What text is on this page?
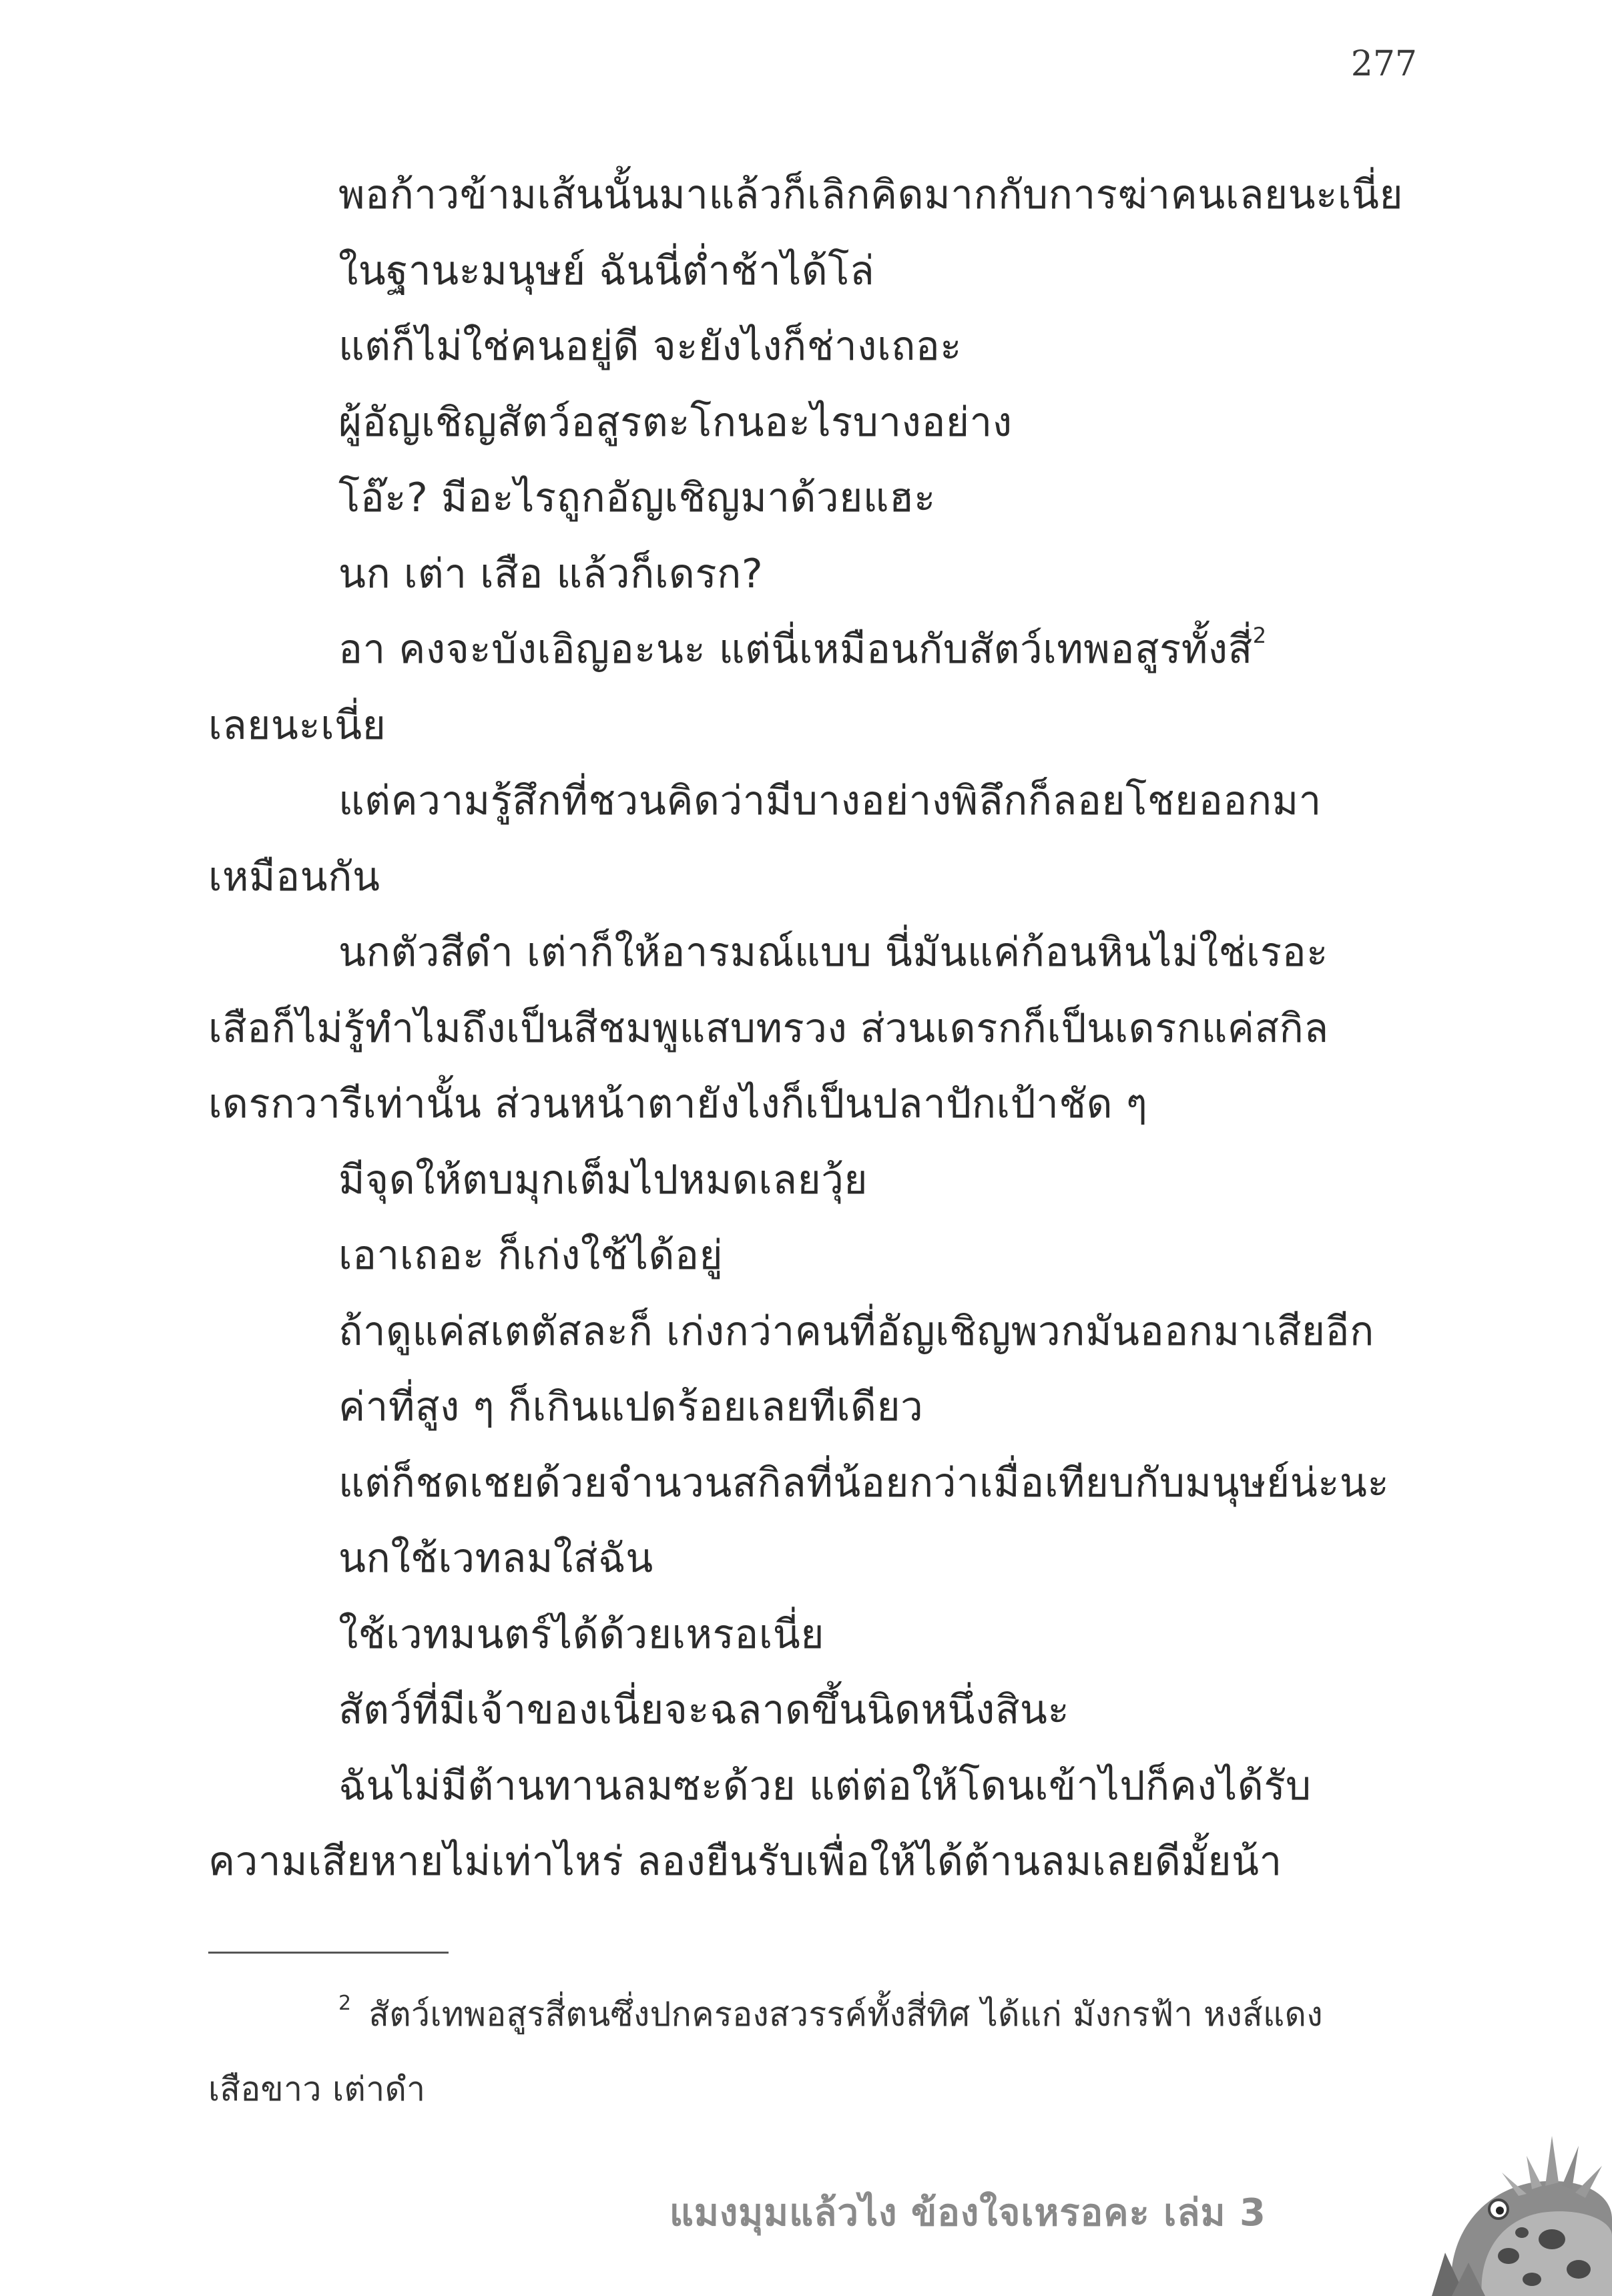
277
พอก้าวข้ามเส้นนั้นมาแล้วก็เลิกคิดมากกับการฆ่าคนเลยนะเนี่ย
ในฐานะมนุษย์ ฉันนี่ต่ำช้าได้โล่
แต่ก็ไม่ใช่คนอยู่ดี จะยังไงก็ช่างเถอะ
ผู้อัญเชิญสัตว์อสูรตะโกนอะไรบางอย่าง
โอ๊ะ? มีอะไรถูกอัญเชิญมาด้วยแฮะ
นก เต่า เสือ แล้วก็เดรก?
อา คงจะบังเอิญอะนะ แต่นี่เหมือนกับสัตว์เทพอสูรทั้งสี่$^2$
เลยนะเนี่ย
แต่ความรู้สึกที่ชวนคิดว่ามีบางอย่างพิลึกก็ลอยโชยออกมา
เหมือนกัน
นกตัวสีดำ เต่าก็ให้อารมณ์แบบ นี่มันแค่ก้อนหินไม่ใช่เรอะ
เสือก็ไม่รู้ทำไมถึงเป็นสีชมพูแสบทรวง ส่วนเดรกก็เป็นเดรกแค่สกิล
เดรกวารีเท่านั้น ส่วนหน้าตายังไงก็เป็นปลาปักเป้าชัด ๆ
มีจุดให้ตบมุกเต็มไปหมดเลยวุ้ย
เอาเถอะ ก็เก่งใช้ได้อยู่
ถ้าดูแค่สเตตัสละก็ เก่งกว่าคนที่อัญเชิญพวกมันออกมาเสียอีก
ค่าที่สูง ๆ ก็เกินแปดร้อยเลยทีเดียว
แต่ก็ชดเชยด้วยจำนวนสกิลที่น้อยกว่าเมื่อเทียบกับมนุษย์น่ะนะ
นกใช้เวทลมใส่ฉัน
ใช้เวทมนตร์ได้ด้วยเหรอเนี่ย
สัตว์ที่มีเจ้าของเนี่ยจะฉลาดขึ้นนิดหนึ่งสินะ
ฉันไม่มีต้านทานลมซะด้วย แต่ต่อให้โดนเข้าไปก็คงได้รับ
ความเสียหายไม่เท่าไหร่ ลองยืนรับเพื่อให้ได้ต้านลมเลยดีมั้ยน้า
$^2$ สัตว์เทพอสูรสี่ตนซึ่งปกครองสวรรค์ทั้งสี่ทิศ ได้แก่ มังกรฟ้า หงส์แดง
เสือขาว เต่าดำ
แมงมุมแล้วไง ข้องใจเหรอคะ เล่ม 3
